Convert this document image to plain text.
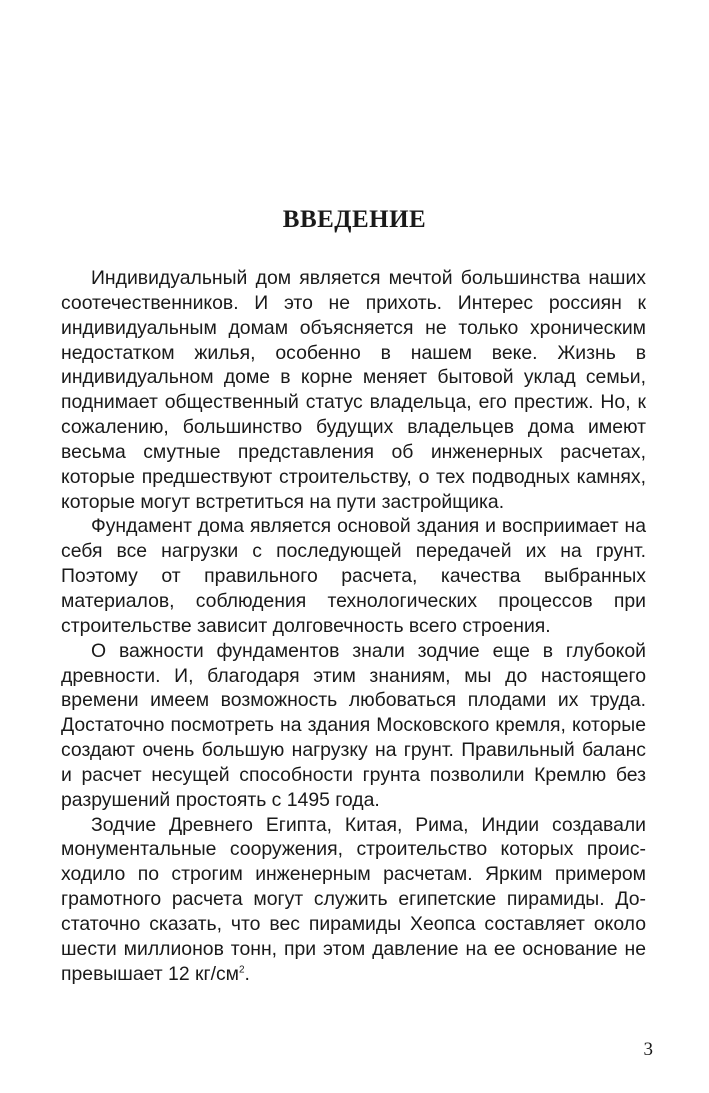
ВВЕДЕНИЕ

Индивидуальный дом является мечтой большинства наших соотечественников. И это не прихоть. Интерес россиян к индивидуальным домам объясняется не только хроническим недостатком жилья, особенно в нашем веке. Жизнь в индивидуальном доме в корне меняет бытовой уклад семьи, поднимает общественный статус владельца, его престиж. Но, к сожалению, большинство будущих владельцев дома имеют весьма смутные представления об инженерных расчетах, которые предшествуют строительству, о тех подводных камнях, которые могут встретиться на пути застройщика.

Фундамент дома является основой здания и восприимает на себя все нагрузки с последующей передачей их на грунт. Поэтому от правильного расчета, качества выбранных материалов, соблюдения технологических процессов при строительстве зависит долговечность всего строения.

О важности фундаментов знали зодчие еще в глубокой древности. И, благодаря этим знаниям, мы до настоящего времени имеем возможность любоваться плодами их труда. Достаточно посмотреть на здания Московского кремля, которые создают очень большую нагрузку на грунт. Правильный баланс и расчет несущей способности грунта позволили Кремлю без разрушений простоять с 1495 года.

Зодчие Древнего Египта, Китая, Рима, Индии создавали монументальные сооружения, строительство которых происходило по строгим инженерным расчетам. Ярким примером грамотного расчета могут служить египетские пирамиды. Достаточно сказать, что вес пирамиды Хеопса составляет около шести миллионов тонн, при этом давление на ее основание не превышает 12 $кг/см^2$.

3
